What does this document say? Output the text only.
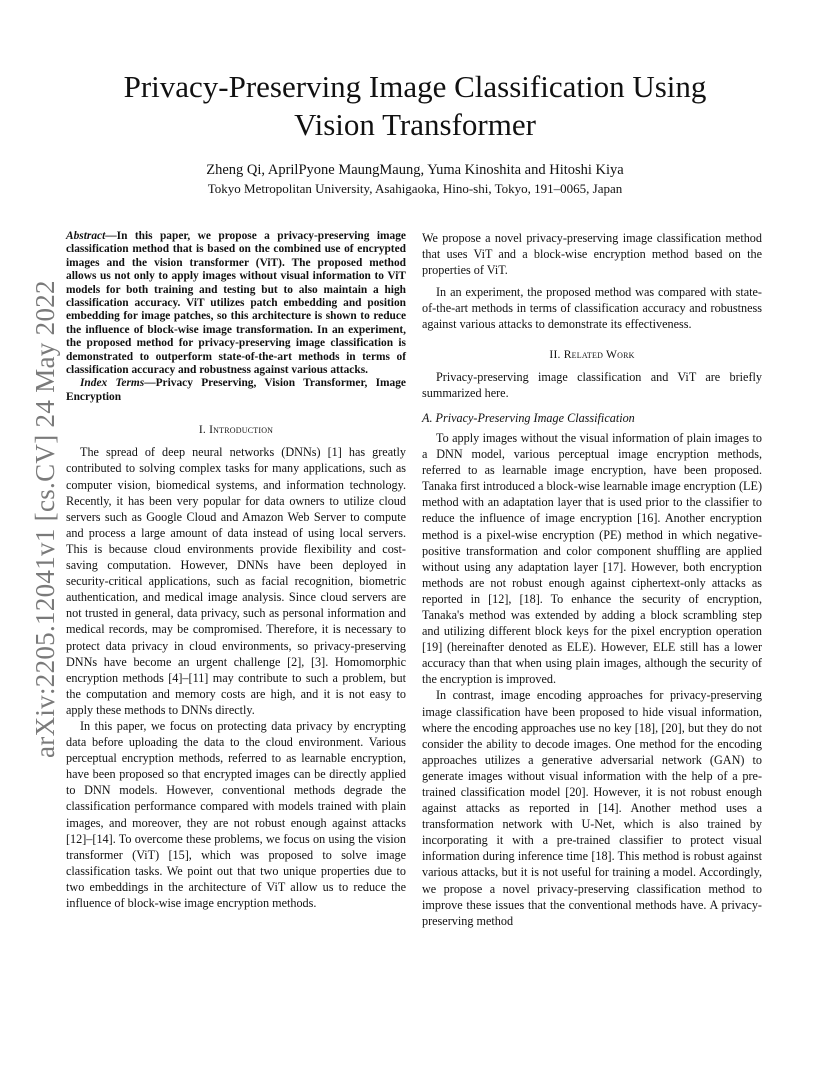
arXiv:2205.12041v1 [cs.CV] 24 May 2022
Privacy-Preserving Image Classification Using
Vision Transformer
Zheng Qi, AprilPyone MaungMaung, Yuma Kinoshita and Hitoshi Kiya
Tokyo Metropolitan University, Asahigaoka, Hino-shi, Tokyo, 191–0065, Japan
Abstract—In this paper, we propose a privacy-preserving image classification method that is based on the combined use of encrypted images and the vision transformer (ViT). The proposed method allows us not only to apply images without visual information to ViT models for both training and testing but to also maintain a high classification accuracy. ViT utilizes patch embedding and position embedding for image patches, so this architecture is shown to reduce the influence of block-wise image transformation. In an experiment, the proposed method for privacy-preserving image classification is demonstrated to outperform state-of-the-art methods in terms of classification accuracy and robustness against various attacks.
Index Terms—Privacy Preserving, Vision Transformer, Image Encryption
I. Introduction

The spread of deep neural networks (DNNs) [1] has greatly contributed to solving complex tasks for many applications, such as computer vision, biomedical systems, and information technology. Recently, it has been very popular for data owners to utilize cloud servers such as Google Cloud and Amazon Web Server to compute and process a large amount of data instead of using local servers. This is because cloud environments provide flexibility and cost-saving computation. However, DNNs have been deployed in security-critical applications, such as facial recognition, biometric authentication, and medical image analysis. Since cloud servers are not trusted in general, data privacy, such as personal information and medical records, may be compromised. Therefore, it is necessary to protect data privacy in cloud environments, so privacy-preserving DNNs have become an urgent challenge [2], [3]. Homomorphic encryption methods [4]–[11] may contribute to such a problem, but the computation and memory costs are high, and it is not easy to apply these methods to DNNs directly.

In this paper, we focus on protecting data privacy by encrypting data before uploading the data to the cloud environment. Various perceptual encryption methods, referred to as learnable encryption, have been proposed so that encrypted images can be directly applied to DNN models. However, conventional methods degrade the classification performance compared with models trained with plain images, and moreover, they are not robust enough against attacks [12]–[14]. To overcome these problems, we focus on using the vision transformer (ViT) [15], which was proposed to solve image classification tasks. We point out that two unique properties due to two embeddings in the architecture of ViT allow us to reduce the influence of block-wise image encryption methods.

We propose a novel privacy-preserving image classification method that uses ViT and a block-wise encryption method based on the properties of ViT.

In an experiment, the proposed method was compared with state-of-the-art methods in terms of classification accuracy and robustness against various attacks to demonstrate its effectiveness.

II. Related Work

Privacy-preserving image classification and ViT are briefly summarized here.

A. Privacy-Preserving Image Classification

To apply images without the visual information of plain images to a DNN model, various perceptual image encryption methods, referred to as learnable image encryption, have been proposed. Tanaka first introduced a block-wise learnable image encryption (LE) method with an adaptation layer that is used prior to the classifier to reduce the influence of image encryption [16]. Another encryption method is a pixel-wise encryption (PE) method in which negative-positive transformation and color component shuffling are applied without using any adaptation layer [17]. However, both encryption methods are not robust enough against ciphertext-only attacks as reported in [12], [18]. To enhance the security of encryption, Tanaka's method was extended by adding a block scrambling step and utilizing different block keys for the pixel encryption operation [19] (hereinafter denoted as ELE). However, ELE still has a lower accuracy than that when using plain images, although the security of the encryption is improved.

In contrast, image encoding approaches for privacy-preserving image classification have been proposed to hide visual information, where the encoding approaches use no key [18], [20], but they do not consider the ability to decode images. One method for the encoding approaches utilizes a generative adversarial network (GAN) to generate images without visual information with the help of a pre-trained classification model [20]. However, it is not robust enough against attacks as reported in [14]. Another method uses a transformation network with U-Net, which is also trained by incorporating it with a pre-trained classifier to protect visual information during inference time [18]. This method is robust against various attacks, but it is not useful for training a model. Accordingly, we propose a novel privacy-preserving classification method to improve these issues that the conventional methods have. A privacy-preserving method
